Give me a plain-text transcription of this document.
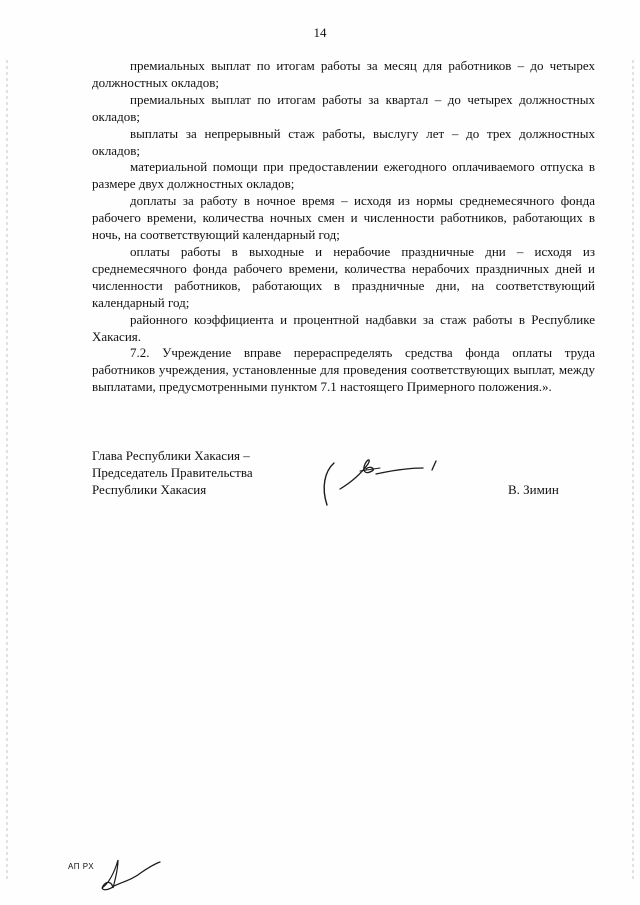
14

премиальных выплат по итогам работы за месяц для работников – до четырех должностных окладов;

премиальных выплат по итогам работы за квартал – до четырех должностных окладов;

выплаты за непрерывный стаж работы, выслугу лет – до трех должностных окладов;

материальной помощи при предоставлении ежегодного оплачиваемого отпуска в размере двух должностных окладов;

доплаты за работу в ночное время – исходя из нормы среднемесячного фонда рабочего времени, количества ночных смен и численности работников, работающих в ночь, на соответствующий календарный год;

оплаты работы в выходные и нерабочие праздничные дни – исходя из среднемесячного фонда рабочего времени, количества нерабочих праздничных дней и численности работников, работающих в праздничные дни, на соответствующий календарный год;

районного коэффициента и процентной надбавки за стаж работы в Республике Хакасия.

7.2. Учреждение вправе перераспределять средства фонда оплаты труда работников учреждения, установленные для проведения соответствующих выплат, между выплатами, предусмотренными пунктом 7.1 настоящего Примерного положения.».

Глава Республики Хакасия –
Председатель Правительства
Республики Хакасия	В. Зимин
АП РХ
